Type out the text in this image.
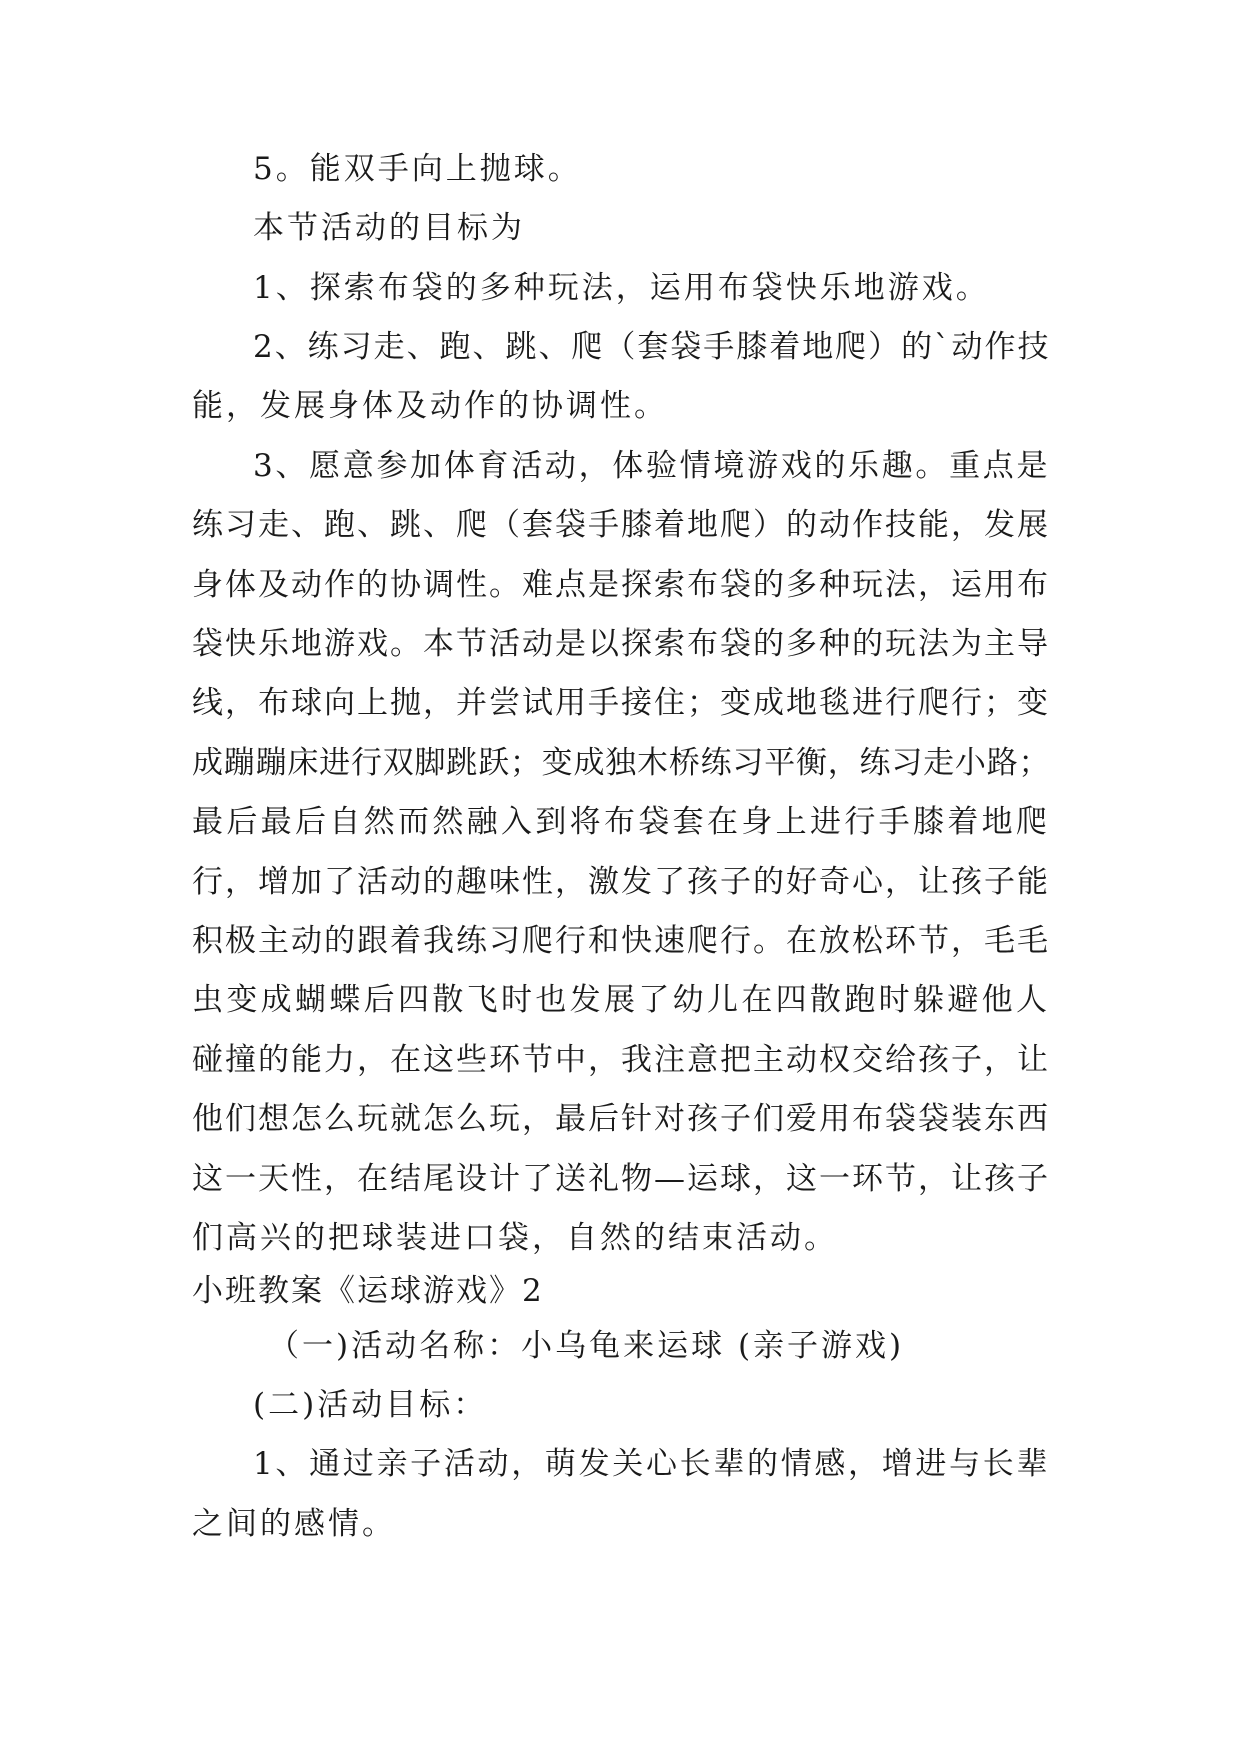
5。能双手向上抛球。
本节活动的目标为
1、探索布袋的多种玩法，运用布袋快乐地游戏。
2、练习走、跑、跳、爬（套袋手膝着地爬）的`动作技
能，发展身体及动作的协调性。
3、愿意参加体育活动，体验情境游戏的乐趣。重点是
练习走、跑、跳、爬（套袋手膝着地爬）的动作技能，发展
身体及动作的协调性。难点是探索布袋的多种玩法，运用布
袋快乐地游戏。本节活动是以探索布袋的多种的玩法为主导
线，布球向上抛，并尝试用手接住；变成地毯进行爬行；变
成蹦蹦床进行双脚跳跃；变成独木桥练习平衡，练习走小路；
最后最后自然而然融入到将布袋套在身上进行手膝着地爬
行，增加了活动的趣味性，激发了孩子的好奇心，让孩子能
积极主动的跟着我练习爬行和快速爬行。在放松环节，毛毛
虫变成蝴蝶后四散飞时也发展了幼儿在四散跑时躲避他人
碰撞的能力，在这些环节中，我注意把主动权交给孩子，让
他们想怎么玩就怎么玩，最后针对孩子们爱用布袋袋装东西
这一天性，在结尾设计了送礼物—运球，这一环节，让孩子
们高兴的把球装进口袋，自然的结束活动。
小班教案《运球游戏》2
（一)活动名称：小乌龟来运球 (亲子游戏)
(二)活动目标：
1、通过亲子活动，萌发关心长辈的情感，增进与长辈
之间的感情。
